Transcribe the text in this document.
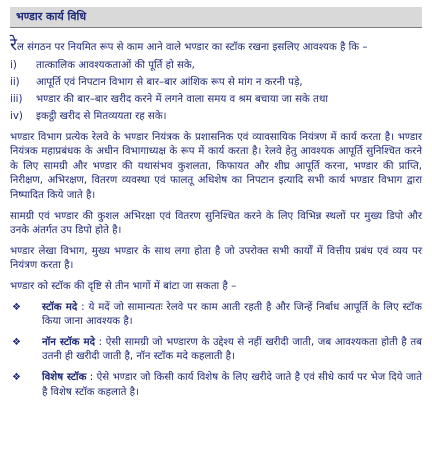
भण्डार कार्य विधि

रेल संगठन पर नियमित रूप से काम आने वाले भण्डार का स्टॉक रखना इसलिए आवश्यक है कि –

i)	तात्कालिक आवश्यकताओं की पूर्ति हो सके,
ii)	आपूर्ति एवं निपटान विभाग से बार–बार आंशिक रूप से मांग न करनी पड़े,
iii)	भण्डार की बार–बार खरीद करने में लगने वाला समय व श्रम बचाया जा सके तथा
iv)	इकट्ठी खरीद से मितव्ययता रह सके।

भण्डार विभाग प्रत्येक रेलवे के भण्डार नियंत्रक के प्रशासनिक एवं व्यावसायिक नियंत्रण में कार्य करता है। भण्डार नियंत्रक महाप्रबंधक के अधीन विभागाध्यक्ष के रूप में कार्य करता है। रेलवे हेतु आवश्यक आपूर्ति सुनिश्चित करने के लिए सामग्री और भण्डार की यथासंभव कुशलता, किफायत और शीघ्र आपूर्ति करना, भण्डार की प्राप्ति, निरीक्षण, अभिरक्षण, वितरण व्यवस्था एवं फालतू अधिशेष का निपटान इत्यादि सभी कार्य भण्डार विभाग द्वारा निष्पादित किये जाते है।

सामग्री एवं भण्डार की कुशल अभिरक्षा एवं वितरण सुनिश्चित करने के लिए विभिन्न स्थलों पर मुख्य डिपो और उनके अंतर्गत उप डिपो होते है।

भण्डार लेखा विभाग, मुख्य भण्डार के साथ लगा होता है जो उपरोक्त सभी कार्यों में वित्तीय प्रबंध एवं व्यय पर नियंत्रण करता है।

भण्डार को स्टॉक की दृष्टि से तीन भागों में बांटा जा सकता है –

❖	स्टॉक मदे : ये मदें जो सामान्यतः रेलवे पर काम आती रहती है और जिन्हें निर्बाध आपूर्ति के लिए स्टॉक किया जाना आवश्यक है।
❖	नॉन स्टॉक मदे : ऐसी सामग्री जो भण्डारण के उद्देश्य से नहीं खरीदी जाती, जब आवश्यकता होती है तब उतनी ही खरीदी जाती है, नॉन स्टॉक मदे कहलाती है।
❖	विशेष स्टॉक : ऐसे भण्डार जो किसी कार्य विशेष के लिए खरीदे जाते है एवं सीधे कार्य पर भेज दिये जाते है विशेष स्टॉक कहलाते है।
